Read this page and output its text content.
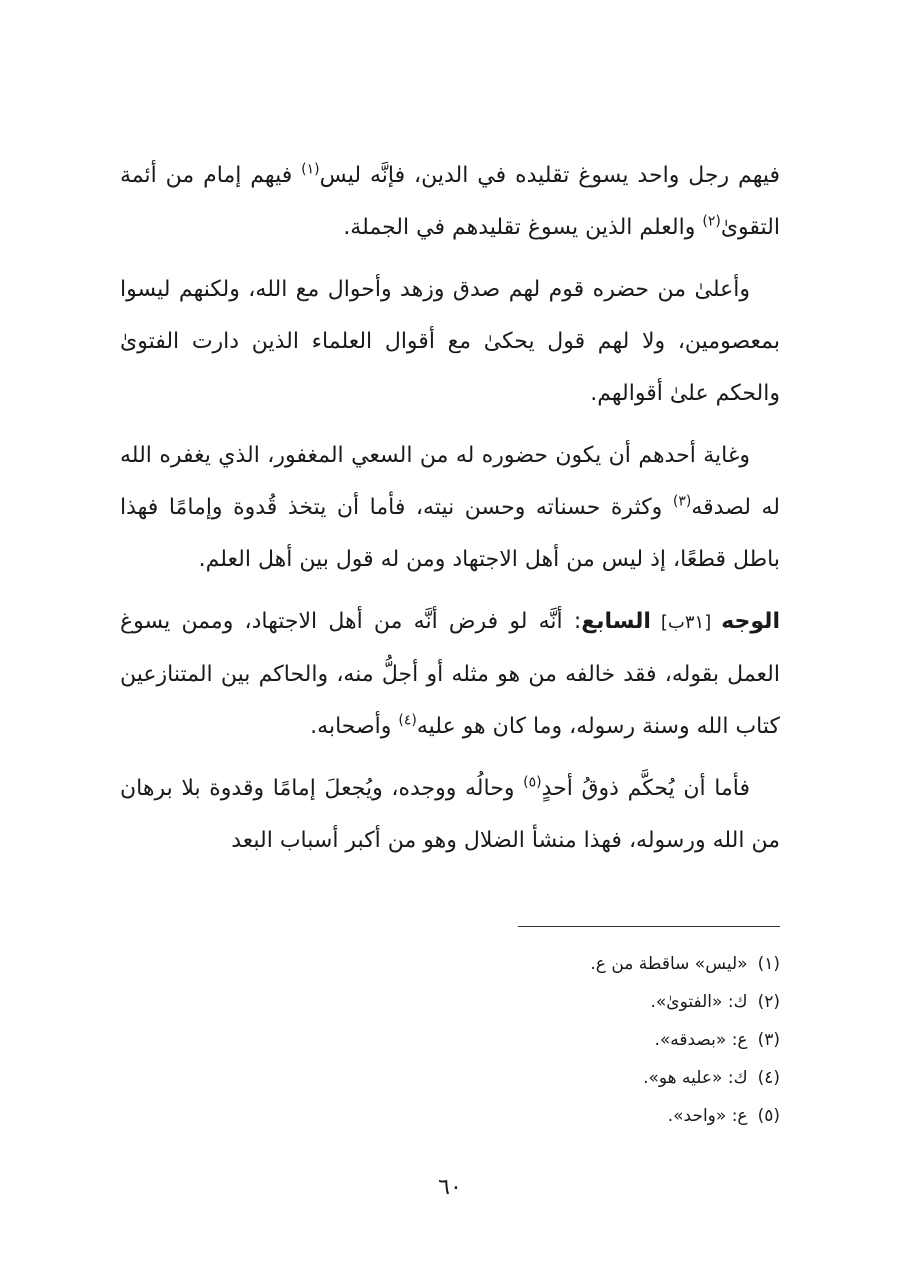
فيهم رجل واحد يسوغ تقليده في الدين، فإنَّه ليس$^{(١)}$ فيهم إمام من أئمة التقوىٰ$^{(٢)}$ والعلم الذين يسوغ تقليدهم في الجملة.

وأعلىٰ من حضره قوم لهم صدق وزهد وأحوال مع الله، ولكنهم ليسوا بمعصومين، ولا لهم قول يحكىٰ مع أقوال العلماء الذين دارت الفتوىٰ والحكم علىٰ أقوالهم.

وغاية أحدهم أن يكون حضوره له من السعي المغفور، الذي يغفره الله له لصدقه$^{(٣)}$ وكثرة حسناته وحسن نيته، فأما أن يتخذ قُدوة وإمامًا فهذا باطل قطعًا، إذ ليس من أهل الاجتهاد ومن له قول بين أهل العلم.

الوجه [٣١ب] السابع: أنَّه لو فرض أنَّه من أهل الاجتهاد، وممن يسوغ العمل بقوله، فقد خالفه من هو مثله أو أجلُّ منه، والحاكم بين المتنازعين كتاب الله وسنة رسوله، وما كان هو عليه$^{(٤)}$ وأصحابه.

فأما أن يُحكَّم ذوقُ أحدٍ$^{(٥)}$ وحالُه ووجده، ويُجعلَ إمامًا وقدوة بلا برهان من الله ورسوله، فهذا منشأ الضلال وهو من أكبر أسباب البعد

(١)«ليس» ساقطة من ع.
(٢)ك: «الفتوىٰ».
(٣)ع: «بصدقه».
(٤)ك: «عليه هو».
(٥)ع: «واحد».
٦٠
